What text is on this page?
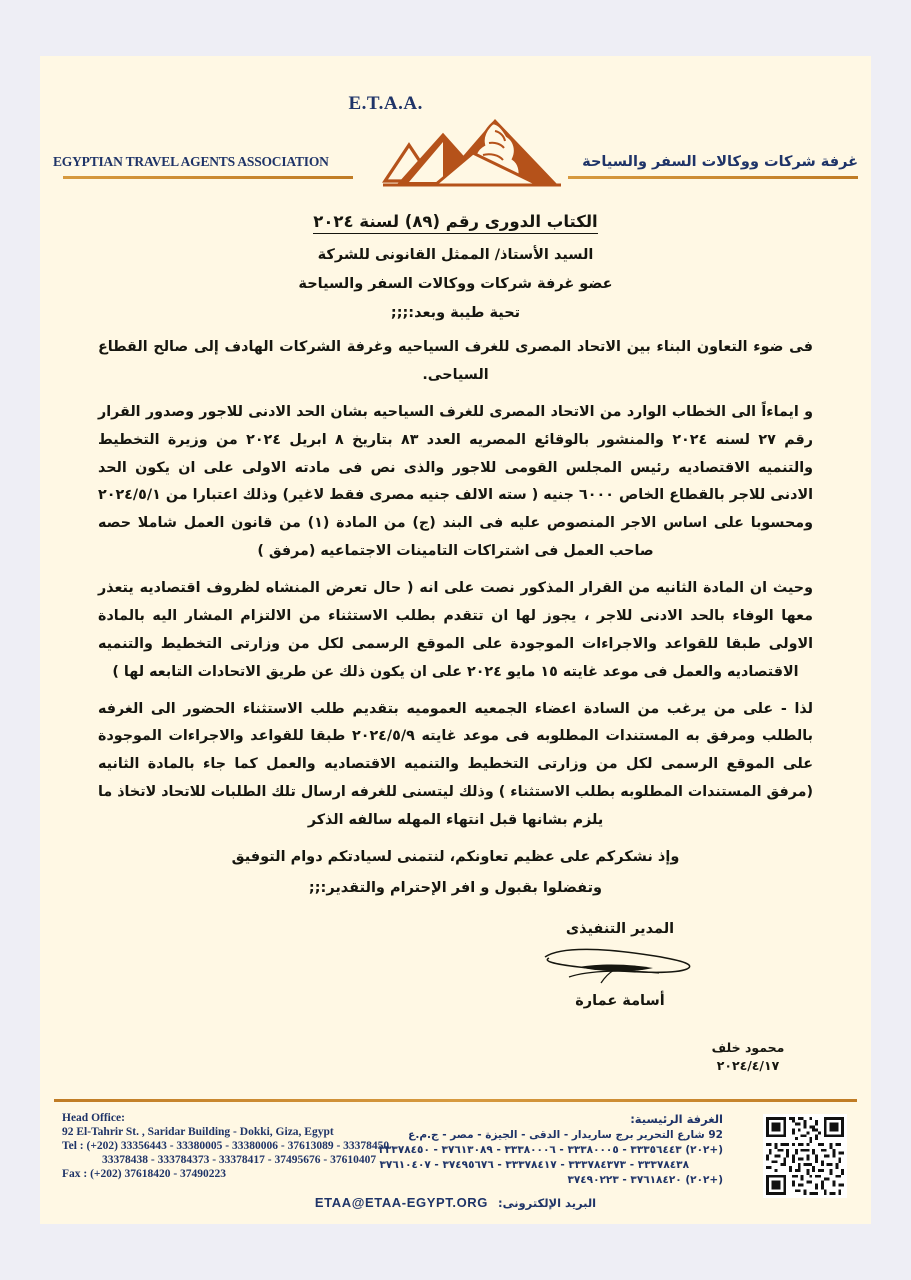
EGYPTIAN TRAVEL AGENTS ASSOCIATION
E.T.A.A.
غرفة شركات ووكالات السفر والسياحة
الكتاب الدورى رقم (٨٩) لسنة ٢٠٢٤
السيد الأستاذ/ الممثل القانونى للشركة
عضو غرفة شركات ووكالات السفر والسياحة
تحية طيبة وبعد:;;;

فى ضوء التعاون البناء بين الاتحاد المصرى للغرف السياحيه وغرفة الشركات الهادف إلى صالح القطاع السياحى.

و ايماءاً الى الخطاب الوارد من الاتحاد المصرى للغرف السياحيه بشان الحد الادنى للاجور وصدور القرار رقم ٢٧ لسنه ٢٠٢٤ والمنشور بالوقائع المصريه العدد ٨٣ بتاريخ ٨ ابريل ٢٠٢٤ من وزيرة التخطيط والتنميه الاقتصاديه رئيس المجلس القومى للاجور والذى نص فى مادته الاولى على ان يكون الحد الادنى للاجر بالقطاع الخاص ٦٠٠٠ جنيه ( سته الالف جنيه مصرى فقط لاغير) وذلك اعتبارا من ٢٠٢٤/٥/١ ومحسوبا على اساس الاجر المنصوص عليه فى البند (ج) من المادة (١) من قانون العمل شاملا حصه صاحب العمل فى اشتراكات التامينات الاجتماعيه (مرفق )

وحيث ان المادة الثانيه من القرار المذكور نصت على انه ( حال تعرض المنشاه لظروف اقتصاديه يتعذر معها الوفاء بالحد الادنى للاجر ، يجوز لها ان تتقدم بطلب الاستثناء من الالتزام المشار اليه بالمادة الاولى طبقا للقواعد والاجراءات الموجودة على الموقع الرسمى لكل من وزارتى التخطيط والتنميه الاقتصاديه والعمل فى موعد غايته ١٥ مايو ٢٠٢٤ على ان يكون ذلك عن طريق الاتحادات التابعه لها )

لذا - على من يرغب من السادة اعضاء الجمعيه العموميه بتقديم طلب الاستثناء الحضور الى الغرفه بالطلب ومرفق به المستندات المطلوبه فى موعد غايته ٢٠٢٤/٥/٩ طبقا للقواعد والاجراءات الموجودة على الموقع الرسمى لكل من وزارتى التخطيط والتنميه الاقتصاديه والعمل كما جاء بالمادة الثانيه (مرفق المستندات المطلوبه بطلب الاستثناء ) وذلك ليتسنى للغرفه ارسال تلك الطلبات للاتحاد لاتخاذ ما يلزم بشانها قبل انتهاء المهله سالفه الذكر

وإذ نشكركم على عظيم تعاونكم، لنتمنى لسيادتكم دوام التوفيق
وتفضلوا بقبول و افر الإحترام والتقدير:;;
المدير التنفيذى
أسامة عمارة
محمود خلف
٢٠٢٤/٤/١٧
Head Office:
92 El-Tahrir St. , Saridar Building - Dokki, Giza, Egypt
Tel : (+202) 33356443 - 33380005 - 33380006 - 37613089 - 33378450
33378438 - 333784373 - 33378417 - 37495676 - 37610407
Fax : (+202) 37618420 - 37490223
الغرفة الرئيسية:
92 شارع التحرير برج ساريدار - الدقى - الجيزة - مصر - ج.م.ع
(+٢٠٢) ٣٣٣٥٦٤٤٣ - ٣٣٣٨٠٠٠٥ - ٣٣٣٨٠٠٠٦ - ٣٧٦١٣٠٨٩ - ٣٣٣٧٨٤٥٠
٣٣٣٧٨٤٣٨ - ٣٣٣٧٨٤٣٧٣ - ٣٣٣٧٨٤١٧ - ٣٧٤٩٥٦٧٦ - ٣٧٦١٠٤٠٧
(+٢٠٢) ٣٧٦١٨٤٢٠ - ٣٧٤٩٠٢٢٣
البريد الإلكترونى: ETAA@ETAA-EGYPT.ORG
